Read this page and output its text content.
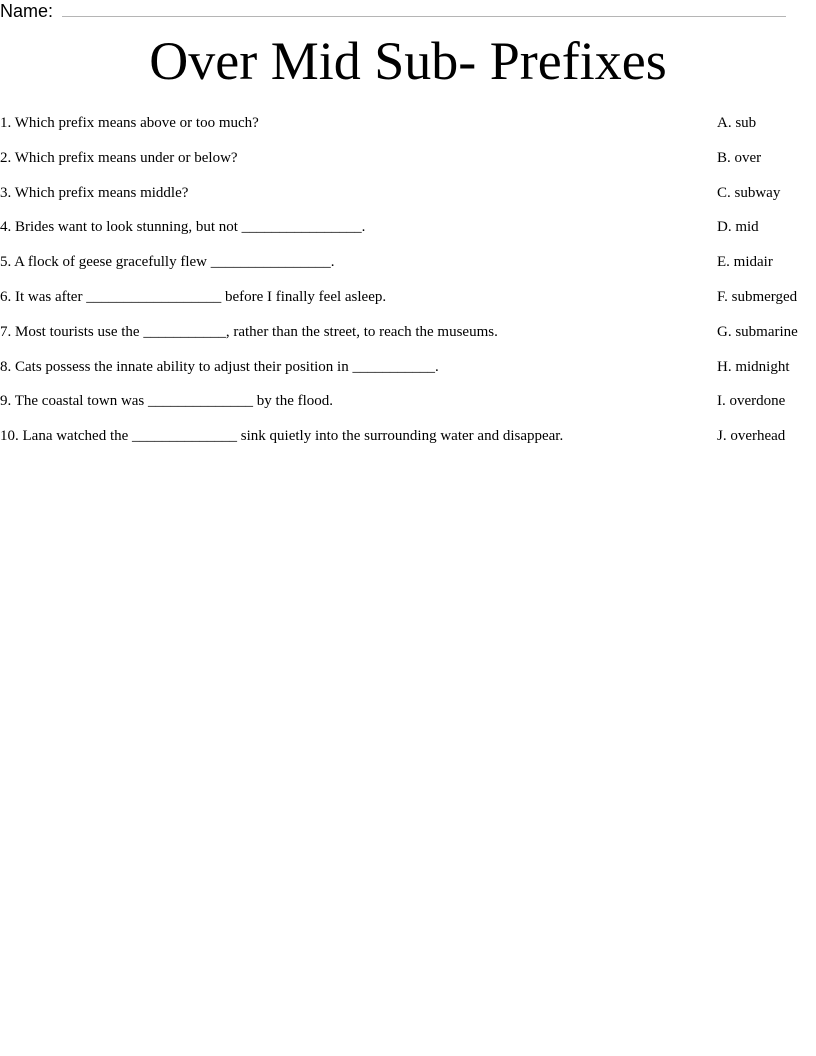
Name:
Over Mid Sub- Prefixes
1. Which prefix means above or too much?	A. sub
2. Which prefix means under or below?	B. over
3. Which prefix means middle?	C. subway
4. Brides want to look stunning, but not ________________.	D. mid
5. A flock of geese gracefully flew ________________.	E. midair
6. It was after __________________ before I finally feel asleep.	F. submerged
7. Most tourists use the ___________, rather than the street, to reach the museums.	G. submarine
8. Cats possess the innate ability to adjust their position in ___________.	H. midnight
9. The coastal town was ______________ by the flood.	I. overdone
10. Lana watched the ______________ sink quietly into the surrounding water and disappear.	J. overhead
